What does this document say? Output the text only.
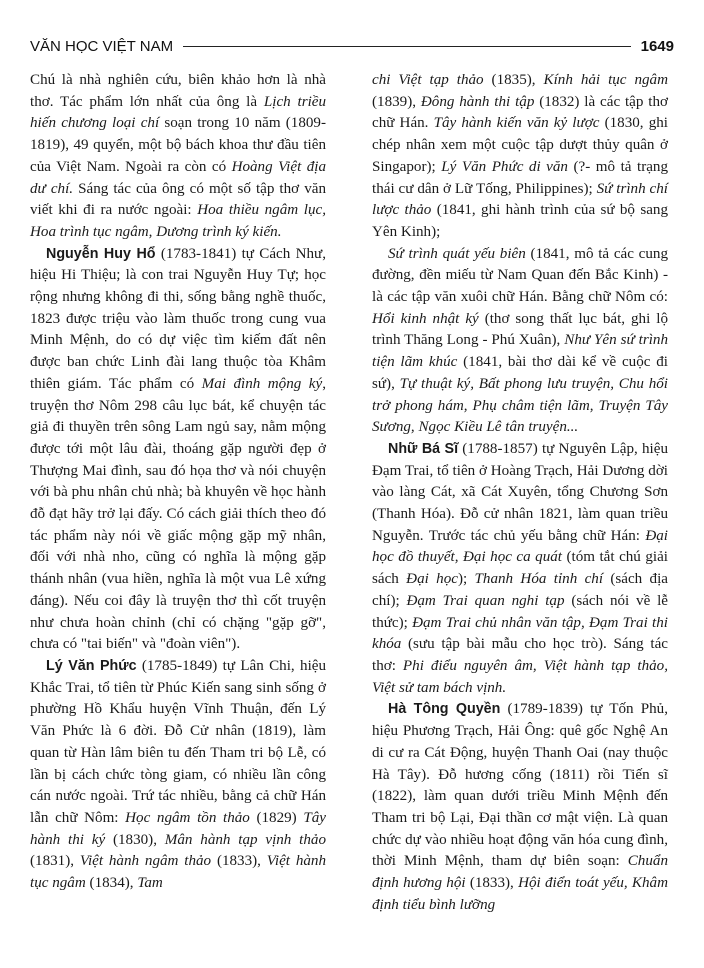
VĂN HỌC VIỆT NAM	1649

Chú là nhà nghiên cứu, biên khảo hơn là nhà thơ. Tác phẩm lớn nhất của ông là Lịch triều hiến chương loại chí soạn trong 10 năm (1809-1819), 49 quyển, một bộ bách khoa thư đầu tiên của Việt Nam. Ngoài ra còn có Hoàng Việt địa dư chí. Sáng tác của ông có một số tập thơ văn viết khi đi ra nước ngoài: Hoa thiều ngâm lục, Hoa trình tục ngâm, Dương trình ký kiến.

Nguyễn Huy Hổ (1783-1841) tự Cách Như, hiệu Hi Thiệu; là con trai Nguyễn Huy Tự; học rộng nhưng không đi thi, sống bằng nghề thuốc, 1823 được triệu vào làm thuốc trong cung vua Minh Mệnh, do có dự việc tìm kiếm đất nên được ban chức Linh đài lang thuộc tòa Khâm thiên giám. Tác phẩm có Mai đình mộng ký, truyện thơ Nôm 298 câu lục bát, kể chuyện tác giả đi thuyền trên sông Lam ngủ say, nằm mộng được tới một lâu đài, thoáng gặp người đẹp ở Thượng Mai đình, sau đó họa thơ và nói chuyện với bà phu nhân chủ nhà; bà khuyên về học hành đỗ đạt hãy trở lại đấy. Có cách giải thích theo đó tác phẩm này nói về giấc mộng gặp mỹ nhân, đối với nhà nho, cũng có nghĩa là mộng gặp thánh nhân (vua hiền, nghĩa là một vua Lê xứng đáng). Nếu coi đây là truyện thơ thì cốt truyện như chưa hoàn chỉnh (chỉ có chặng "gặp gỡ", chưa có "tai biến" và "đoàn viên").

Lý Văn Phức (1785-1849) tự Lân Chi, hiệu Khắc Trai, tổ tiên từ Phúc Kiến sang sinh sống ở phường Hồ Khẩu huyện Vĩnh Thuận, đến Lý Văn Phức là 6 đời. Đỗ Cử nhân (1819), làm quan từ Hàn lâm biên tu đến Tham tri bộ Lễ, có lần bị cách chức tòng giam, có nhiều lần công cán nước ngoài. Trứ tác nhiều, bằng cả chữ Hán lẫn chữ Nôm: Học ngâm tồn thảo (1829) Tây hành thi ký (1830), Mân hành tạp vịnh thảo (1831), Việt hành ngâm thảo (1833), Việt hành tục ngâm (1834), Tam

chi Việt tạp thảo (1835), Kính hải tục ngâm (1839), Đông hành thi tập (1832) là các tập thơ chữ Hán. Tây hành kiến văn kỷ lược (1830, ghi chép nhân xem một cuộc tập dượt thủy quân ở Singapor); Lý Văn Phức di văn (?- mô tả trạng thái cư dân ở Lữ Tống, Philippines); Sứ trình chí lược thảo (1841, ghi hành trình của sứ bộ sang Yên Kinh);

Sứ trình quát yếu biên (1841, mô tả các cung đường, đền miếu từ Nam Quan đến Bắc Kinh) - là các tập văn xuôi chữ Hán. Bằng chữ Nôm có: Hổi kinh nhật ký (thơ song thất lục bát, ghi lộ trình Thăng Long - Phú Xuân), Như Yên sứ trình tiện lãm khúc (1841, bài thơ dài kể về cuộc đi sứ), Tự thuật ký, Bất phong lưu truyện, Chu hổi trở phong hám, Phụ châm tiện lãm, Truyện Tây Sương, Ngọc Kiều Lê tân truyện...

Nhữ Bá Sĩ (1788-1857) tự Nguyên Lập, hiệu Đạm Trai, tổ tiên ở Hoàng Trạch, Hải Dương dời vào làng Cát, xã Cát Xuyên, tổng Chương Sơn (Thanh Hóa). Đỗ cử nhân 1821, làm quan triều Nguyễn. Trước tác chủ yếu bằng chữ Hán: Đại học đồ thuyết, Đại học ca quát (tóm tắt chú giải sách Đại học); Thanh Hóa tỉnh chí (sách địa chí); Đạm Trai quan nghi tạp (sách nói về lễ thức); Đạm Trai chủ nhân văn tập, Đạm Trai thi khóa (sưu tập bài mẫu cho học trò). Sáng tác thơ: Phi điểu nguyên âm, Việt hành tạp thảo, Việt sử tam bách vịnh.

Hà Tông Quyền (1789-1839) tự Tốn Phủ, hiệu Phương Trạch, Hải Ông: quê gốc Nghệ An di cư ra Cát Động, huyện Thanh Oai (nay thuộc Hà Tây). Đỗ hương cống (1811) rồi Tiến sĩ (1822), làm quan dưới triều Minh Mệnh đến Tham tri bộ Lại, Đại thần cơ mật viện. Là quan chức dự vào nhiều hoạt động văn hóa cung đình, thời Minh Mệnh, tham dự biên soạn: Chuẩn định hương hội (1833), Hội điển toát yếu, Khâm định tiểu bình lưỡng
